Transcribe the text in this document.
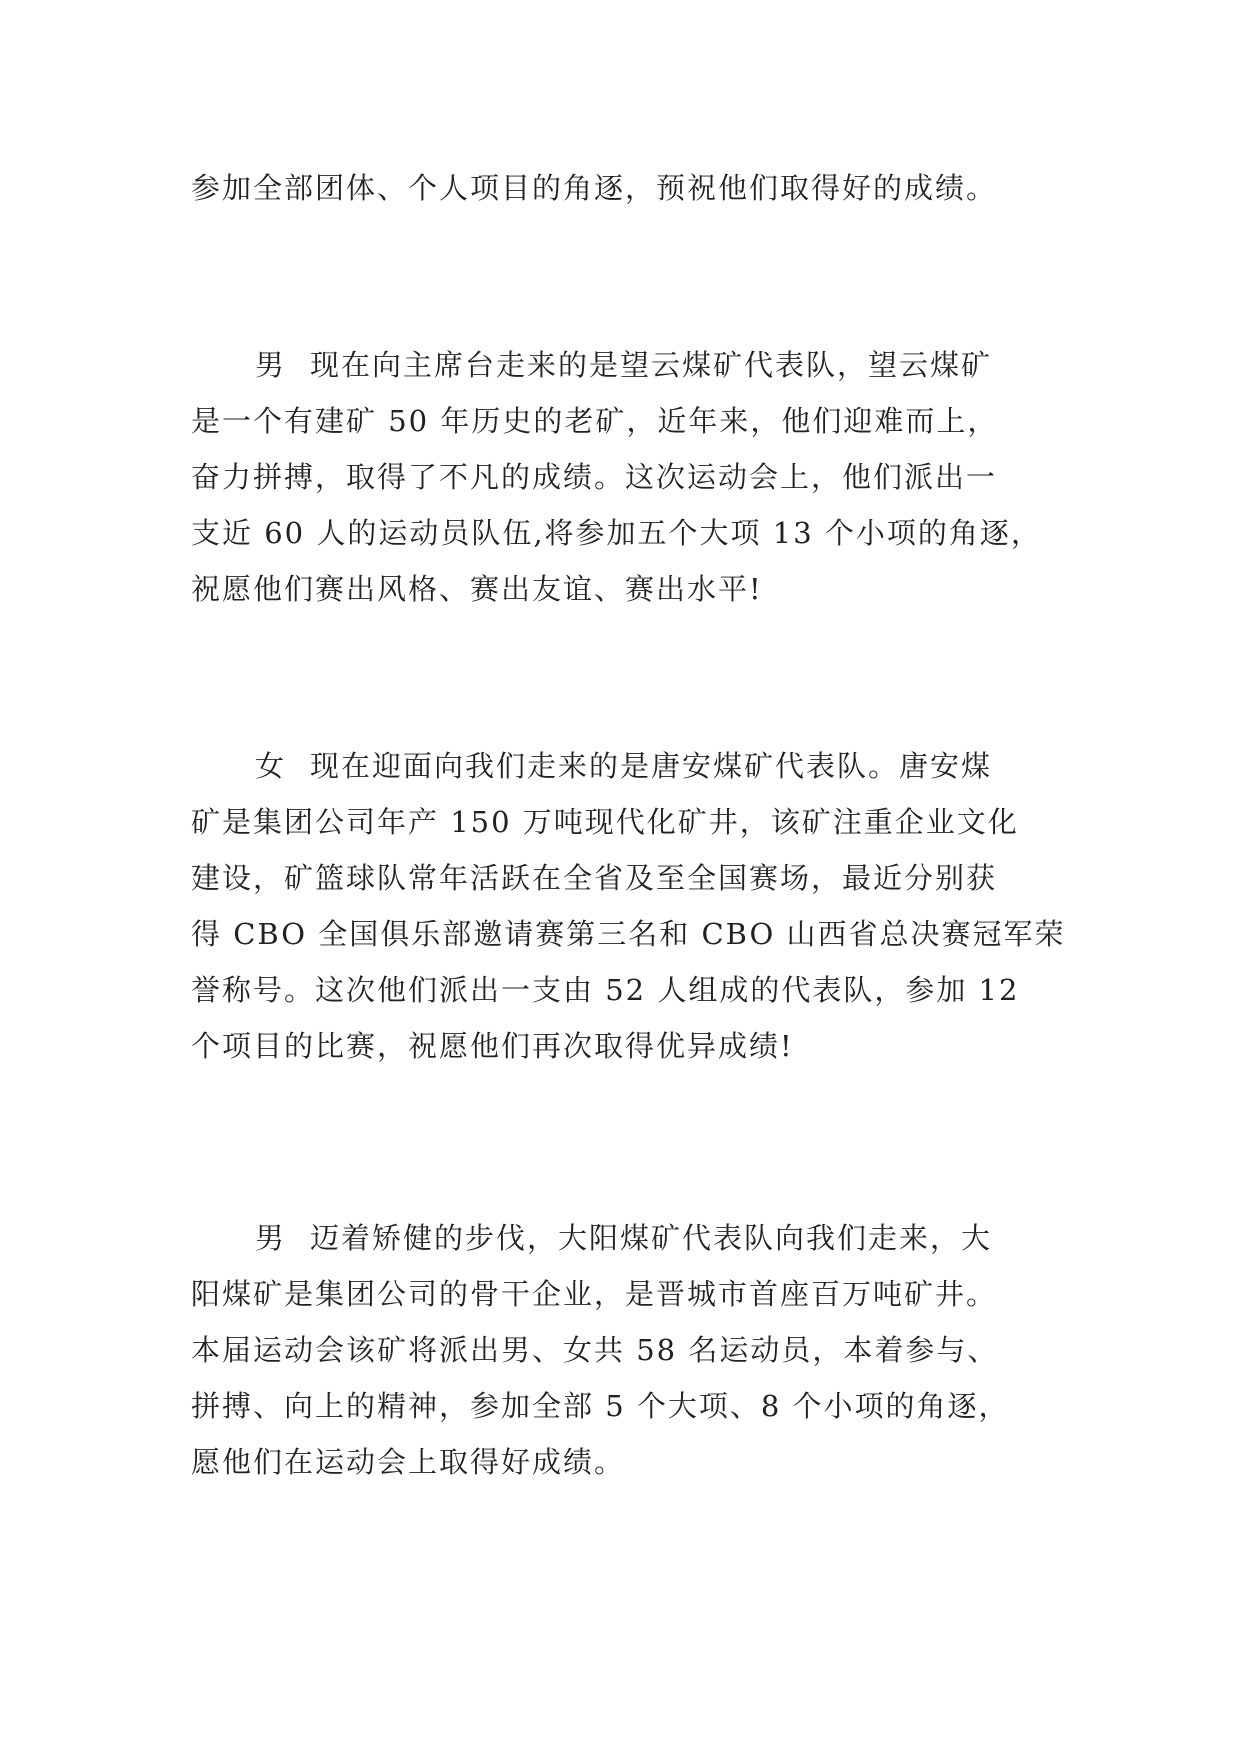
参加全部团体、个人项目的角逐，预祝他们取得好的成绩。
男 现在向主席台走来的是望云煤矿代表队，望云煤矿
是一个有建矿 50 年历史的老矿，近年来，他们迎难而上，
奋力拼搏，取得了不凡的成绩。这次运动会上，他们派出一
支近 60 人的运动员队伍,将参加五个大项 13 个小项的角逐，
祝愿他们赛出风格、赛出友谊、赛出水平!
女 现在迎面向我们走来的是唐安煤矿代表队。唐安煤
矿是集团公司年产 150 万吨现代化矿井，该矿注重企业文化
建设，矿篮球队常年活跃在全省及至全国赛场，最近分别获
得 CBO 全国俱乐部邀请赛第三名和 CBO 山西省总决赛冠军荣
誉称号。这次他们派出一支由 52 人组成的代表队，参加 12
个项目的比赛，祝愿他们再次取得优异成绩!
男 迈着矫健的步伐，大阳煤矿代表队向我们走来，大
阳煤矿是集团公司的骨干企业，是晋城市首座百万吨矿井。
本届运动会该矿将派出男、女共 58 名运动员，本着参与、
拼搏、向上的精神，参加全部 5 个大项、8 个小项的角逐，
愿他们在运动会上取得好成绩。
